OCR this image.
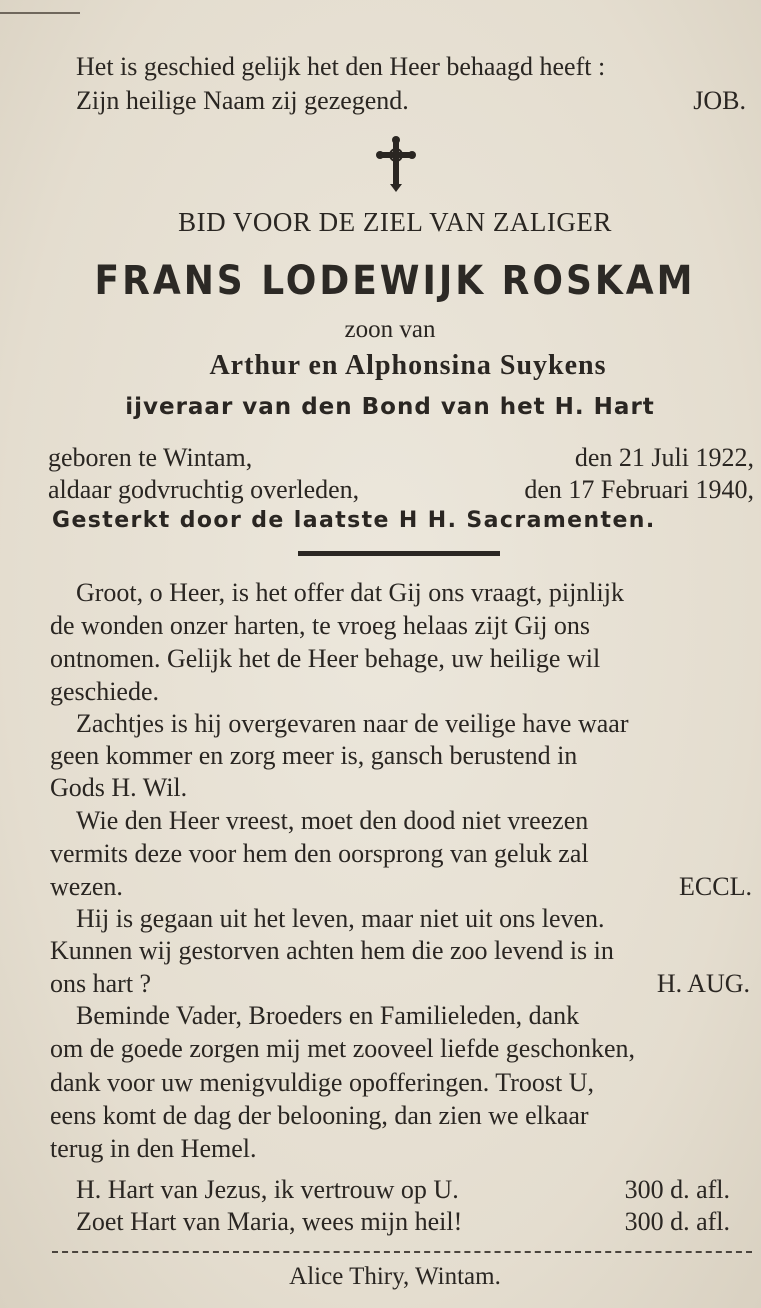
Het is geschied gelijk het den Heer behaagd heeft :
Zijn heilige Naam zij gezegend.	JOB.
BID VOOR DE ZIEL VAN ZALIGER
FRANS LODEWIJK ROSKAM
zoon van
Arthur en Alphonsina Suykens
ijveraar van den Bond van het H. Hart
geboren te Wintam,	den 21 Juli 1922,
aldaar godvruchtig overleden,	den 17 Februari 1940,
Gesterkt door de laatste H H. Sacramenten.
Groot, o Heer, is het offer dat Gij ons vraagt, pijnlijk
de wonden onzer harten, te vroeg helaas zijt Gij ons
ontnomen. Gelijk het de Heer behage, uw heilige wil
geschiede.
Zachtjes is hij overgevaren naar de veilige have waar
geen kommer en zorg meer is, gansch berustend in
Gods H. Wil.
Wie den Heer vreest, moet den dood niet vreezen
vermits deze voor hem den oorsprong van geluk zal
wezen.	ECCL.
Hij is gegaan uit het leven, maar niet uit ons leven.
Kunnen wij gestorven achten hem die zoo levend is in
ons hart ?	H. AUG.
Beminde Vader, Broeders en Familieleden, dank
om de goede zorgen mij met zooveel liefde geschonken,
dank voor uw menigvuldige opofferingen. Troost U,
eens komt de dag der belooning, dan zien we elkaar
terug in den Hemel.
H. Hart van Jezus, ik vertrouw op U.	300 d. afl.
Zoet Hart van Maria, wees mijn heil!	300 d. afl.
Alice Thiry, Wintam.
